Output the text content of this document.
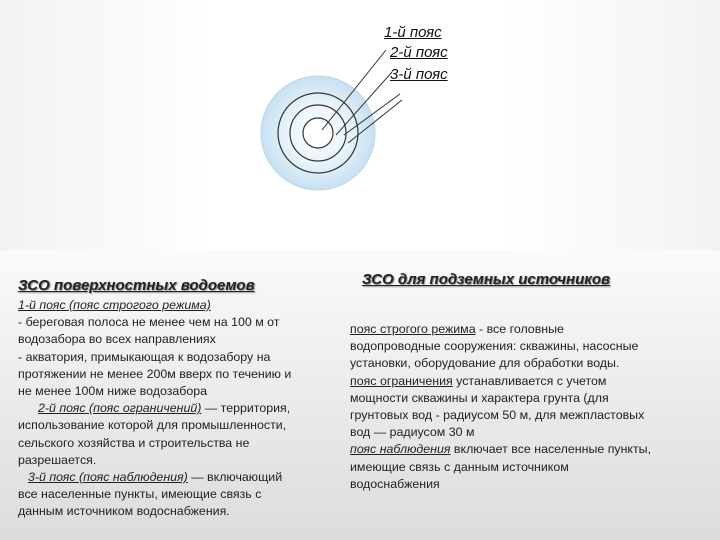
1-й пояс
2-й пояс
3-й пояс
ЗСО поверхностных водоемов

1-й пояс (пояс строгого режима)

- береговая полоса не менее чем на 100 м от

водозабора во всех направлениях

- акватория, примыкающая к водозабору на

протяжении не менее 200м вверх по течению и

не менее 100м ниже водозабора

2-й пояс (пояс ограничений) — территория,

использование которой для промышленности,

сельского хозяйства и строительства не

разрешается.

3-й пояс (пояс наблюдения) — включающий

все населенные пункты, имеющие связь с

данным источником водоснабжения.

ЗСО для подземных источников

пояс строгого режима - все головные

водопроводные сооружения: скважины, насосные

установки, оборудование для обработки воды.

пояс ограничения устанавливается с учетом

мощности скважины и характера грунта (для

грунтовых вод - радиусом 50 м, для межпластовых

вод — радиусом 30 м

пояс наблюдения включает все населенные пункты,

имеющие связь с данным источником

водоснабжения
